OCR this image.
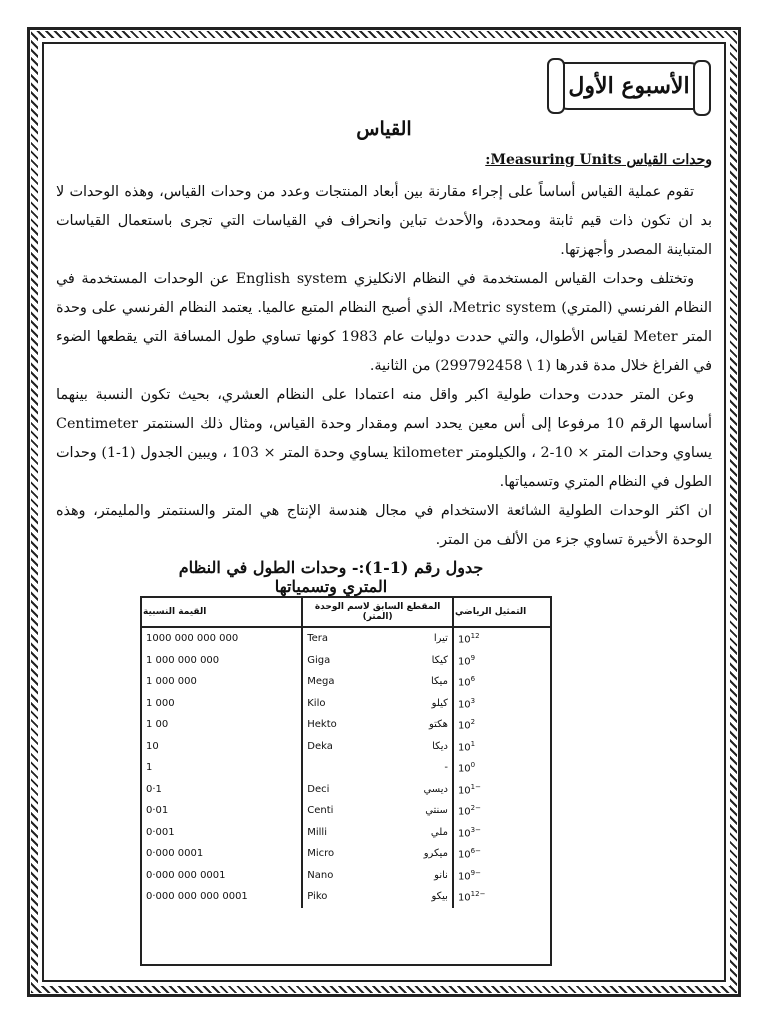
الأسبوع الأول
القياس
وحدات القياس Measuring Units:

تقوم عملية القياس أساساً على إجراء مقارنة بين أبعاد المنتجات وعدد من وحدات القياس، وهذه الوحدات لا بد ان تكون ذات قيم ثابتة ومحددة، والأحدث تباين وانحراف في القياسات التي تجرى باستعمال القياسات المتباينة المصدر وأجهزتها.

وتختلف وحدات القياس المستخدمة في النظام الانكليزي English system عن الوحدات المستخدمة في النظام الفرنسي (المتري) Metric system، الذي أصبح النظام المتبع عالميا. يعتمد النظام الفرنسي على وحدة المتر Meter لقياس الأطوال، والتي حددت دوليات عام 1983 كونها تساوي طول المسافة التي يقطعها الضوء في الفراغ خلال مدة قدرها (1 \ 299792458) من الثانية.

وعن المتر حددت وحدات طولية اكبر واقل منه اعتمادا على النظام العشري، بحيث تكون النسبة بينهما أساسها الرقم 10 مرفوعا إلى أس معين يحدد اسم ومقدار وحدة القياس، ومثال ذلك السنتمتر Centimeter يساوي وحدات المتر × 10-2 ، والكيلومتر kilometer يساوي وحدة المتر × 103 ، ويبين الجدول (1-1) وحدات الطول في النظام المتري وتسمياتها.

ان اكثر الوحدات الطولية الشائعة الاستخدام في مجال هندسة الإنتاج هي المتر والسنتمتر والمليمتر، وهذه الوحدة الأخيرة تساوي جزء من الألف من المتر.

جدول رقم (1-1):- وحدات الطول في النظام المتري وتسمياتها
القيمة النسبية	المقطع السابق لاسم الوحدة (المتر)	التمثيل الرياضي
1000 000 000 000	Tera تيرا	$10^{12}$
1 000 000 000	Giga كيكا	$10^9$
1 000 000	Mega ميكا	$10^6$
1 000	Kilo كيلو	$10^3$
1 00	Hekto هكتو	$10^2$
10	Deka ديكا	$10^1$
1	-	$10^0$
0·1	Deci ديسي	$10^{1-}$
0·01	Centi سنتي	$10^{2-}$
0·001	Milli ملي	$10^{3-}$
0·000 0001	Micro ميكرو	$10^{6-}$
0·000 000 0001	Nano نانو	$10^{9-}$
0·000 000 000 0001	Piko بيكو	$10^{12-}$
